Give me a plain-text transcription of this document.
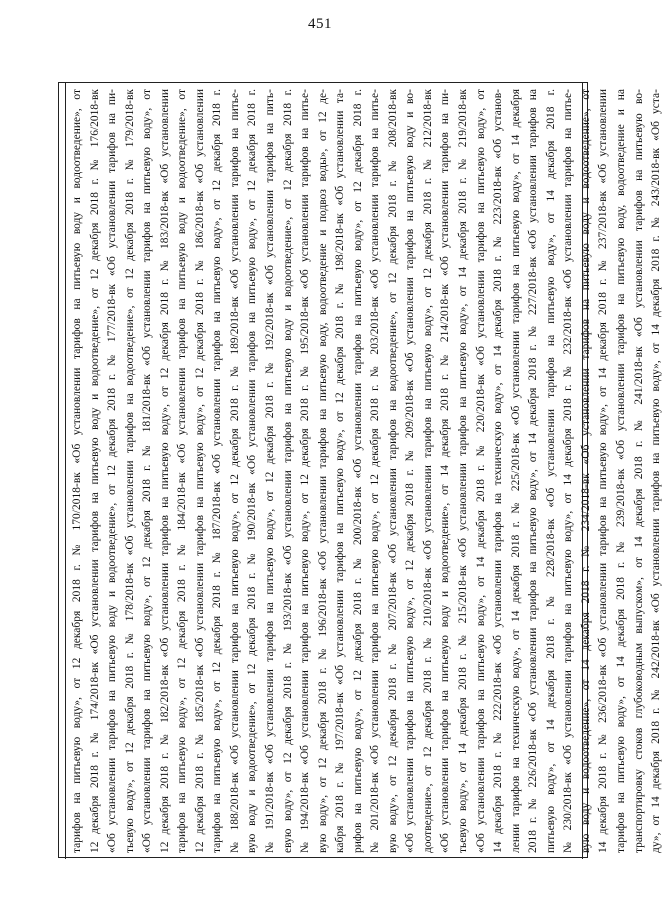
451
тарифов на питьевую воду», от 12 декабря 2018 г. № 170/2018-вк «Об установлении тарифов на питьевую воду и водоотведение», от 12 декабря 2018 г. № 174/2018-вк «Об установлении тарифов на питьевую воду и водоотведение», от 12 декабря 2018 г. № 176/2018-вк «Об установлении тарифов на питьевую воду и водоотведение», от 12 декабря 2018 г. № 177/2018-вк «Об установлении тарифов на пи- тьевую воду», от 12 декабря 2018 г. № 178/2018-вк «Об установлении тарифов на водоотведение», от 12 декабря 2018 г. № 179/2018-вк «Об установлении тарифов на питьевую воду», от 12 декабря 2018 г. № 181/2018-вк «Об установлении тарифов на питьевую воду», от 12 декабря 2018 г. № 182/2018-вк «Об установлении тарифов на питьевую воду», от 12 декабря 2018 г. № 183/2018-вк «Об установлении тарифов на питьевую воду», от 12 декабря 2018 г. № 184/2018-вк «Об установлении тарифов на питьевую воду и водоотведение», от 12 декабря 2018 г. № 185/2018-вк «Об установлении тарифов на питьевую воду», от 12 декабря 2018 г. № 186/2018-вк «Об установлении тарифов на питьевую воду», от 12 декабря 2018 г. № 187/2018-вк «Об установлении тарифов на питьевую воду», от 12 декабря 2018 г. № 188/2018-вк «Об установлении тарифов на питьевую воду», от 12 декабря 2018 г. № 189/2018-вк «Об установлении тарифов на питье- вую воду и водоотведение», от 12 декабря 2018 г. № 190/2018-вк «Об установлении тарифов на питьевую воду», от 12 декабря 2018 г. № 191/2018-вк «Об установлении тарифов на питьевую воду», от 12 декабря 2018 г. № 192/2018-вк «Об установлении тарифов на пить- евую воду», от 12 декабря 2018 г. № 193/2018-вк «Об установлении тарифов на питьевую воду и водоотведение», от 12 декабря 2018 г. № 194/2018-вк «Об установлении тарифов на питьевую воду», от 12 декабря 2018 г. № 195/2018-вк «Об установлении тарифов на питье- вую воду», от 12 декабря 2018 г. № 196/2018-вк «Об установлении тарифов на питьевую воду, водоотведение и подвоз воды», от 12 де- кабря 2018 г. № 197/2018-вк «Об установлении тарифов на питьевую воду», от 12 декабря 2018 г. № 198/2018-вк «Об установлении та- рифов на питьевую воду», от 12 декабря 2018 г. № 200/2018-вк «Об установлении тарифов на питьевую воду», от 12 декабря 2018 г. № 201/2018-вк «Об установлении тарифов на питьевую воду», от 12 декабря 2018 г. № 203/2018-вк «Об установлении тарифов на питье- вую воду», от 12 декабря 2018 г. № 207/2018-вк «Об установлении тарифов на водоотведение», от 12 декабря 2018 г. № 208/2018-вк «Об установлении тарифов на питьевую воду», от 12 декабря 2018 г. № 209/2018-вк «Об установлении тарифов на питьевую воду и во- доотведение», от 12 декабря 2018 г. № 210/2018-вк «Об установлении тарифов на питьевую воду», от 12 декабря 2018 г. № 212/2018-вк «Об установлении тарифов на питьевую воду и водоотведение», от 14 декабря 2018 г. № 214/2018-вк «Об установлении тарифов на пи- тьевую воду», от 14 декабря 2018 г. № 215/2018-вк «Об установлении тарифов на питьевую воду», от 14 декабря 2018 г. № 219/2018-вк «Об установлении тарифов на питьевую воду», от 14 декабря 2018 г. № 220/2018-вк «Об установлении тарифов на питьевую воду», от 14 декабря 2018 г. № 222/2018-вк «Об установлении тарифов на техническую воду», от 14 декабря 2018 г. № 223/2018-вк «Об установ- лении тарифов на техническую воду», от 14 декабря 2018 г. № 225/2018-вк «Об установлении тарифов на питьевую воду», от 14 декабря 2018 г. № 226/2018-вк «Об установлении тарифов на питьевую воду», от 14 декабря 2018 г. № 227/2018-вк «Об установлении тарифов на питьевую воду», от 14 декабря 2018 г. № 228/2018-вк «Об установлении тарифов на питьевую воду», от 14 декабря 2018 г. № 230/2018-вк «Об установлении тарифов на питьевую воду», от 14 декабря 2018 г. № 232/2018-вк «Об установлении тарифов на питье- вую воду и водоотведение», от 14 декабря 2018 г. № 234/2018-вк «Об установлении тарифов на питьевую воду и водоотведение», от 14 декабря 2018 г. № 236/2018-вк «Об установлении тарифов на питьевую воду», от 14 декабря 2018 г. № 237/2018-вк «Об установлении тарифов на питьевую воду», от 14 декабря 2018 г. № 239/2018-вк «Об установлении тарифов на питьевую воду, водоотведение и на транспортировку стоков глубоководным выпуском», от 14 декабря 2018 г. № 241/2018-вк «Об установлении тарифов на питьевую во- ду», от 14 декабря 2018 г. № 242/2018-вк «Об установлении тарифов на питьевую воду», от 14 декабря 2018 г. № 243/2018-вк «Об уста-
